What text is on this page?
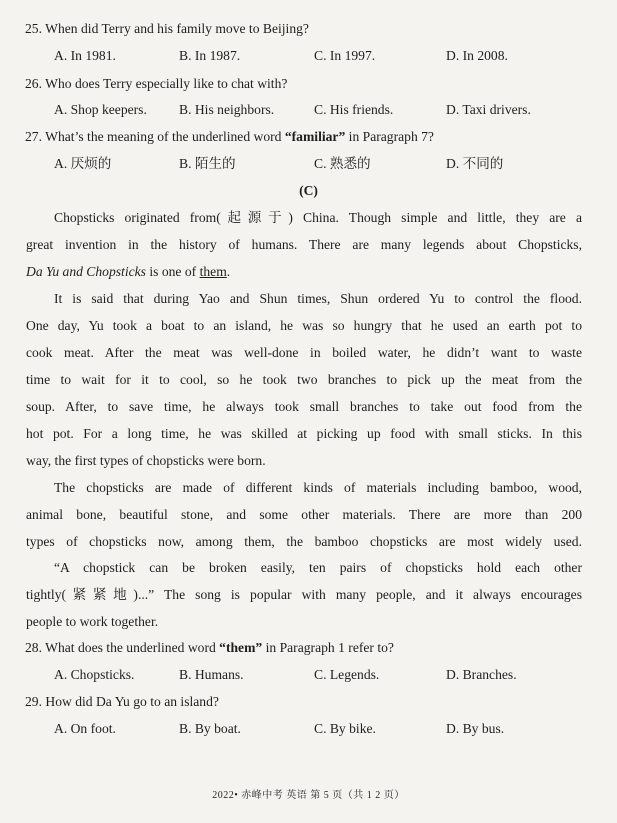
25. When did Terry and his family move to Beijing?
A. In 1981.	B. In 1987.	C. In 1997.	D. In 2008.
26. Who does Terry especially like to chat with?
A. Shop keepers. B. His neighbors.	C. His friends.	D. Taxi drivers.
27. What’s the meaning of the underlined word “familiar” in Paragraph 7?
A. 厌烦的	B. 陌生的	C. 熟悉的	D. 不同的
(C)
Chopsticks originated from(起源于) China. Though simple and little, they are a
great invention in the history of humans. There are many legends about Chopsticks,
Da Yu and Chopsticks is one of them.
It is said that during Yao and Shun times, Shun ordered Yu to control the flood.
One day, Yu took a boat to an island, he was so hungry that he used an earth pot to
cook meat. After the meat was well-done in boiled water, he didn’t want to waste
time to wait for it to cool, so he took two branches to pick up the meat from the
soup. After, to save time, he always took small branches to take out food from the
hot pot. For a long time, he was skilled at picking up food with small sticks. In this
way, the first types of chopsticks were born.
The chopsticks are made of different kinds of materials including bamboo, wood,
animal bone, beautiful stone, and some other materials. There are more than 200
types of chopsticks now, among them, the bamboo chopsticks are most widely used.
“A chopstick can be broken easily, ten pairs of chopsticks hold each other
tightly(紧紧地)...” The song is popular with many people, and it always encourages
people to work together.
28. What does the underlined word “them” in Paragraph 1 refer to?
A. Chopsticks.	B. Humans.	C. Legends.	D. Branches.
29. How did Da Yu go to an island?
A. On foot.	B. By boat.	C. By bike.	D. By bus.
2022• 赤峰中考 英语 第 5 页（共 1 2 页）
